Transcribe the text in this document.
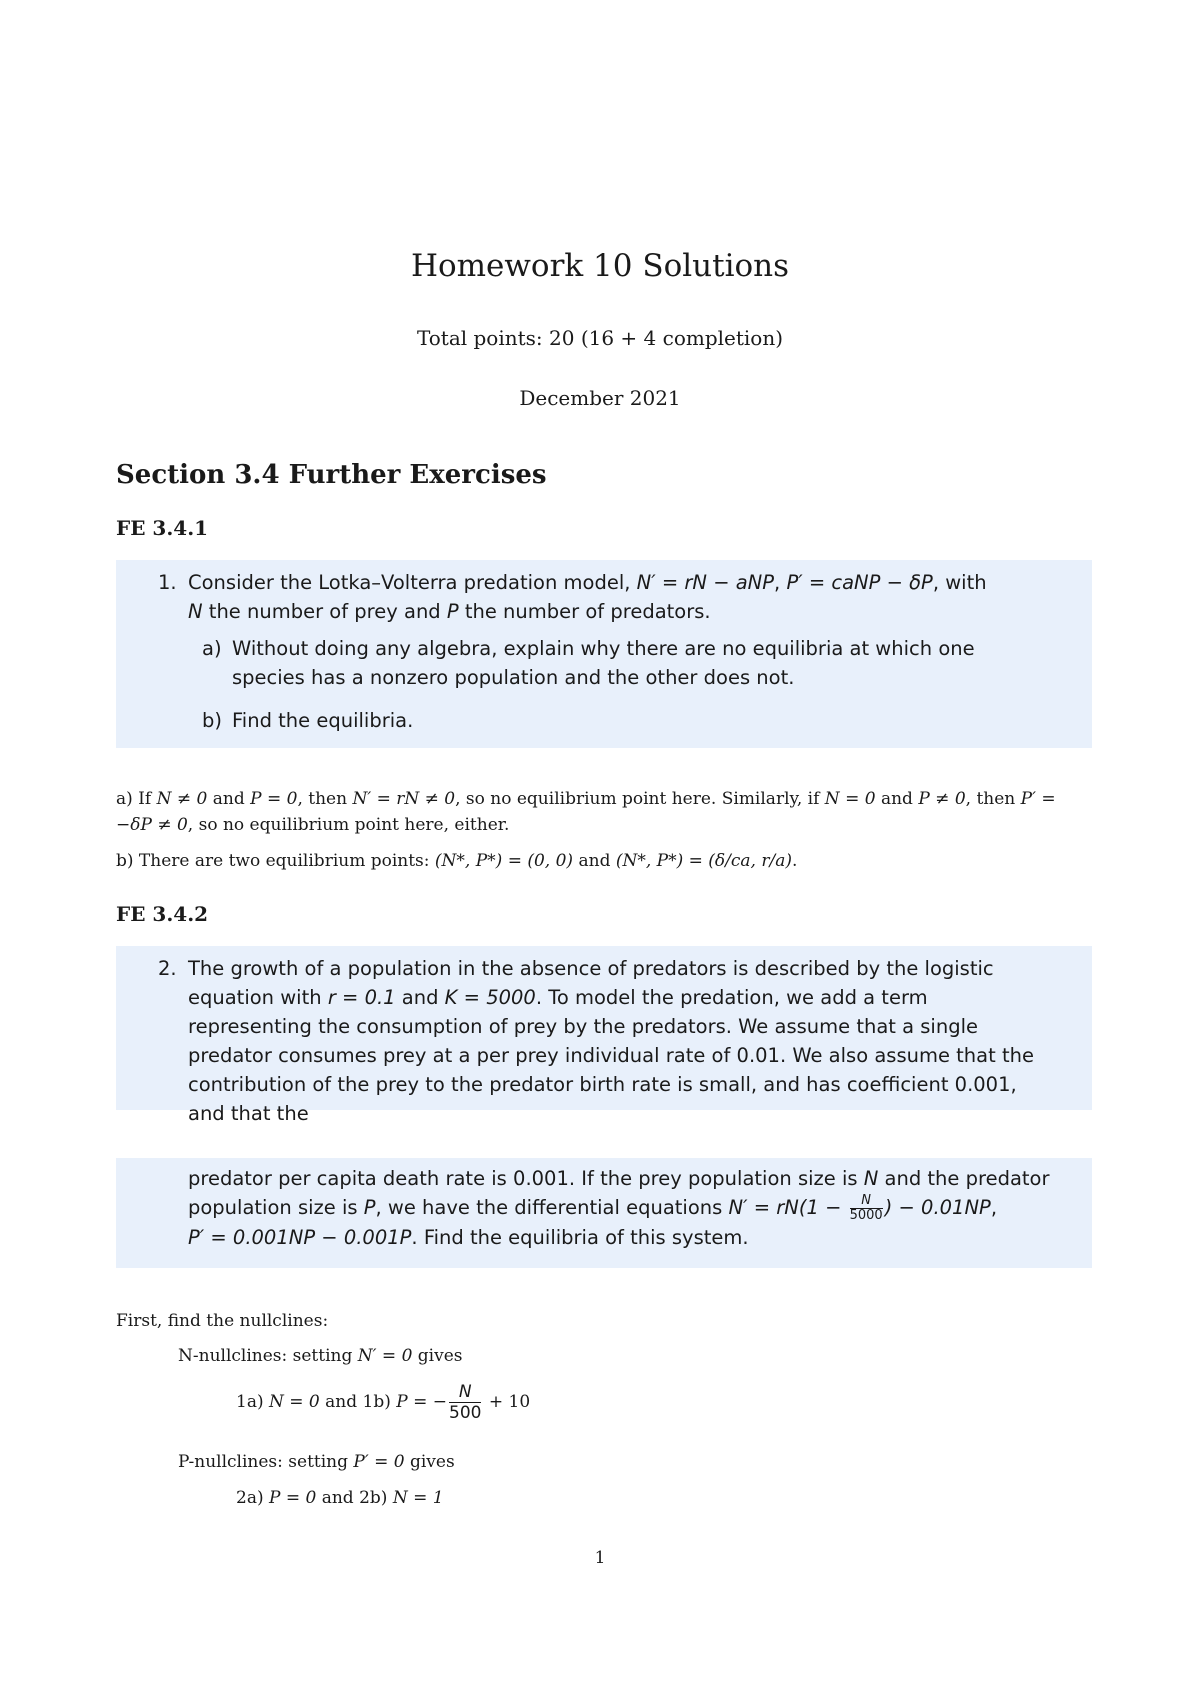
Homework 10 Solutions
Total points: 20 (16 + 4 completion)
December 2021
Section 3.4 Further Exercises
FE 3.4.1
1. Consider the Lotka–Volterra predation model, N′ = rN − aNP, P′ = caNP − δP, with
N the number of prey and P the number of predators.
a) Without doing any algebra, explain why there are no equilibria at which one species has a nonzero population and the other does not.
b) Find the equilibria.
a) If N ≠ 0 and P = 0, then N′ = rN ≠ 0, so no equilibrium point here. Similarly, if N = 0 and P ≠ 0, then P′ = −δP ≠ 0, so no equilibrium point here, either.
b) There are two equilibrium points: (N*, P*) = (0, 0) and (N*, P*) = (δ/ca, r/a).
FE 3.4.2
2. The growth of a population in the absence of predators is described by the logistic equation with r = 0.1 and K = 5000. To model the predation, we add a term representing the consumption of prey by the predators. We assume that a single predator consumes prey at a per prey individual rate of 0.01. We also assume that the contribution of the prey to the predator birth rate is small, and has coefficient 0.001, and that the
predator per capita death rate is 0.001. If the prey population size is N and the predator population size is P, we have the differential equations $N' = rN(1 - \frac{N}{5000}$ ) − 0.01NP,
P′ = 0.001NP − 0.001P. Find the equilibria of this system.
First, find the nullclines:
N-nullclines: setting N′ = 0 gives
1a) N = 0 and 1b) P = − $\frac{N}{500} + 10$
P-nullclines: setting P′ = 0 gives
2a) P = 0 and 2b) N = 1
1
